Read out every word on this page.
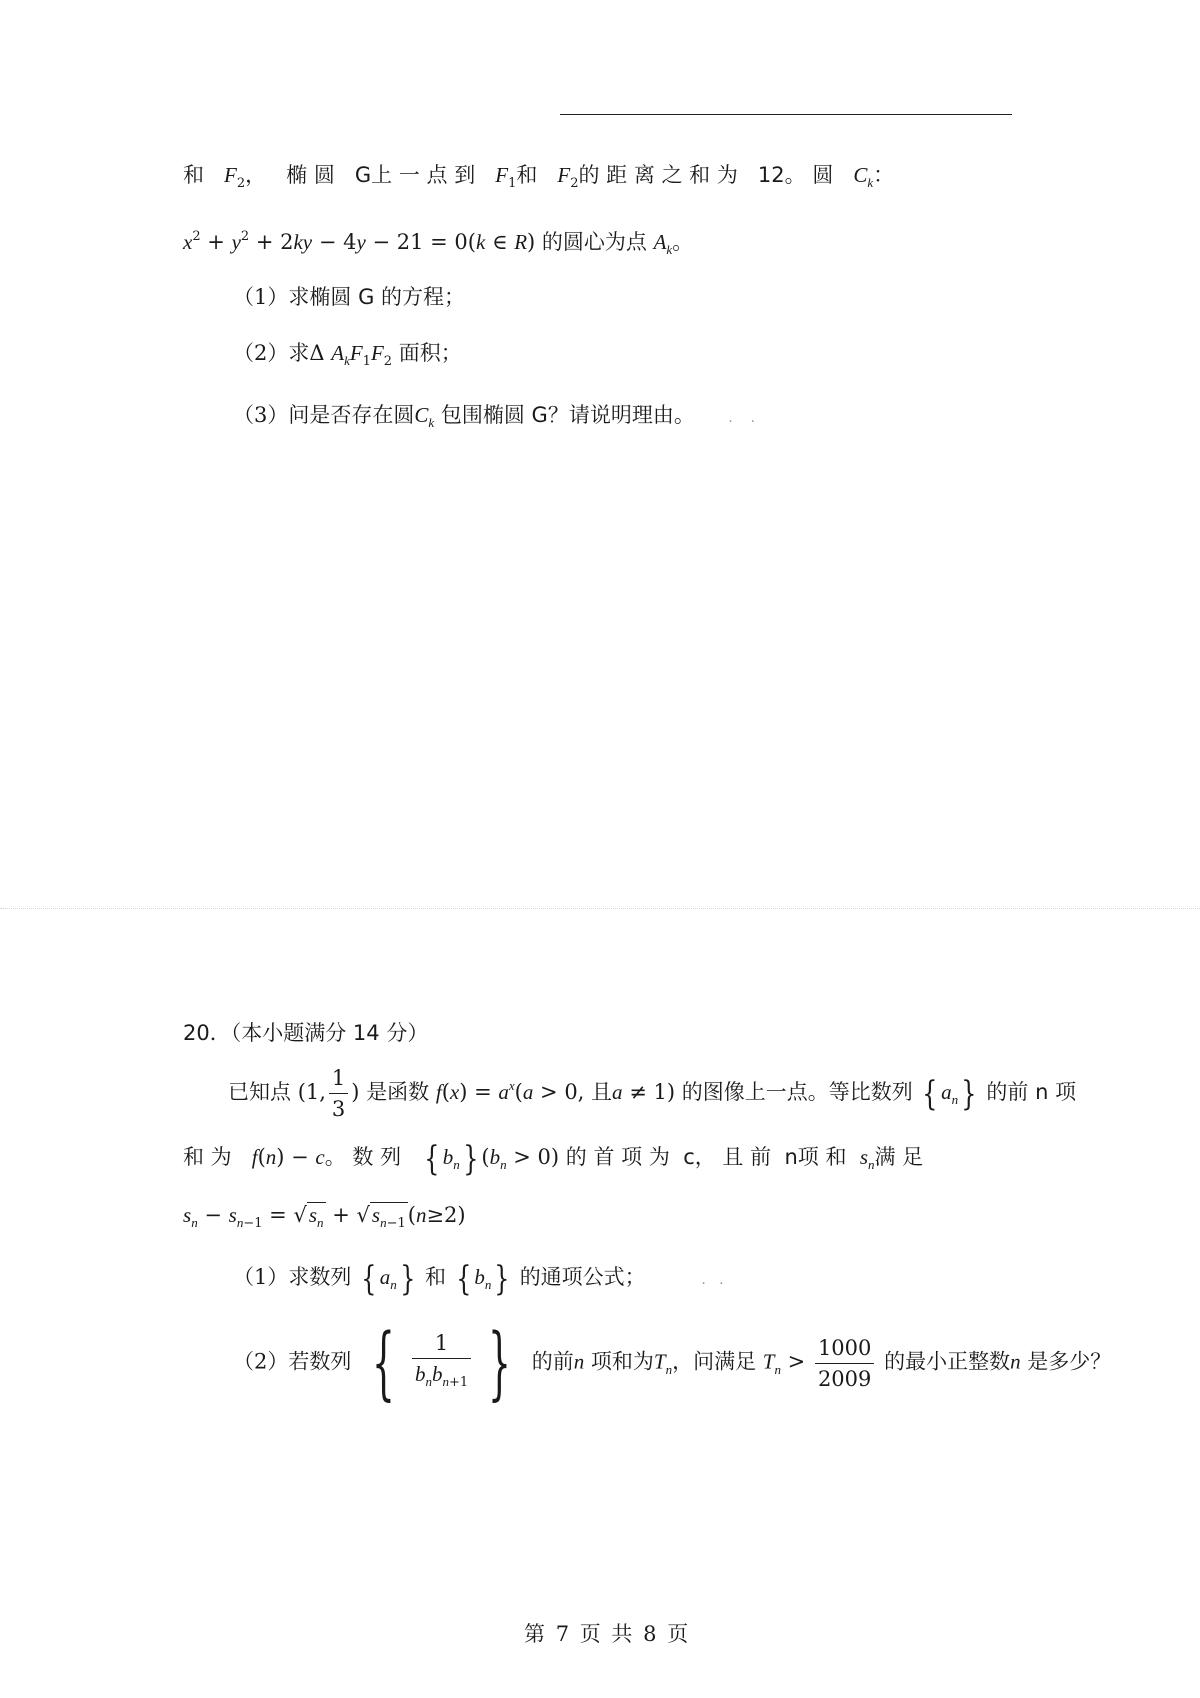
和 $F_2$， 椭 圆 G上 一 点 到 $F_1$和 $F_2$的 距 离 之 和 为 12。 圆 $C_k$：
$x^2 + y^2 + 2ky - 4y - 21 = 0(k$ ∈ R) 的圆心为点 $A_k$。
（1）求椭圆 G 的方程；
（2）求Δ $A_kF_1F_2$ 面积；
（3）问是否存在圆$C_k$ 包围椭圆 G？请说明理由。       .    .
20．（本小题满分 14 分）
已知点 (1, $\frac{1}{3}$ ) 是函数 $f(x) = a^x(a > 0$, 且a ≠ 1) 的图像上一点。等比数列 { $a_n$} 的前 n 项
和 为 f(n) − c。 数 列 { $b_n$} $(b_n > 0)$ 的 首 项 为 c， 且 前 n项 和 $s_n$满 足
$s_n - s_{n-1} = √s_n + √s_{n-1}(n\ge 2)$
（1）求数列 { $a_n$} 和 { $b_n$} 的通项公式；            .   .
（2）若数列 { $\frac{1}{b_nb_{n+1}}$ } 的前n 项和为$T_n$，问满足 $T_n > \frac{1000}{2009}$ 的最小正整数n 是多少？
第 7 页 共 8 页
